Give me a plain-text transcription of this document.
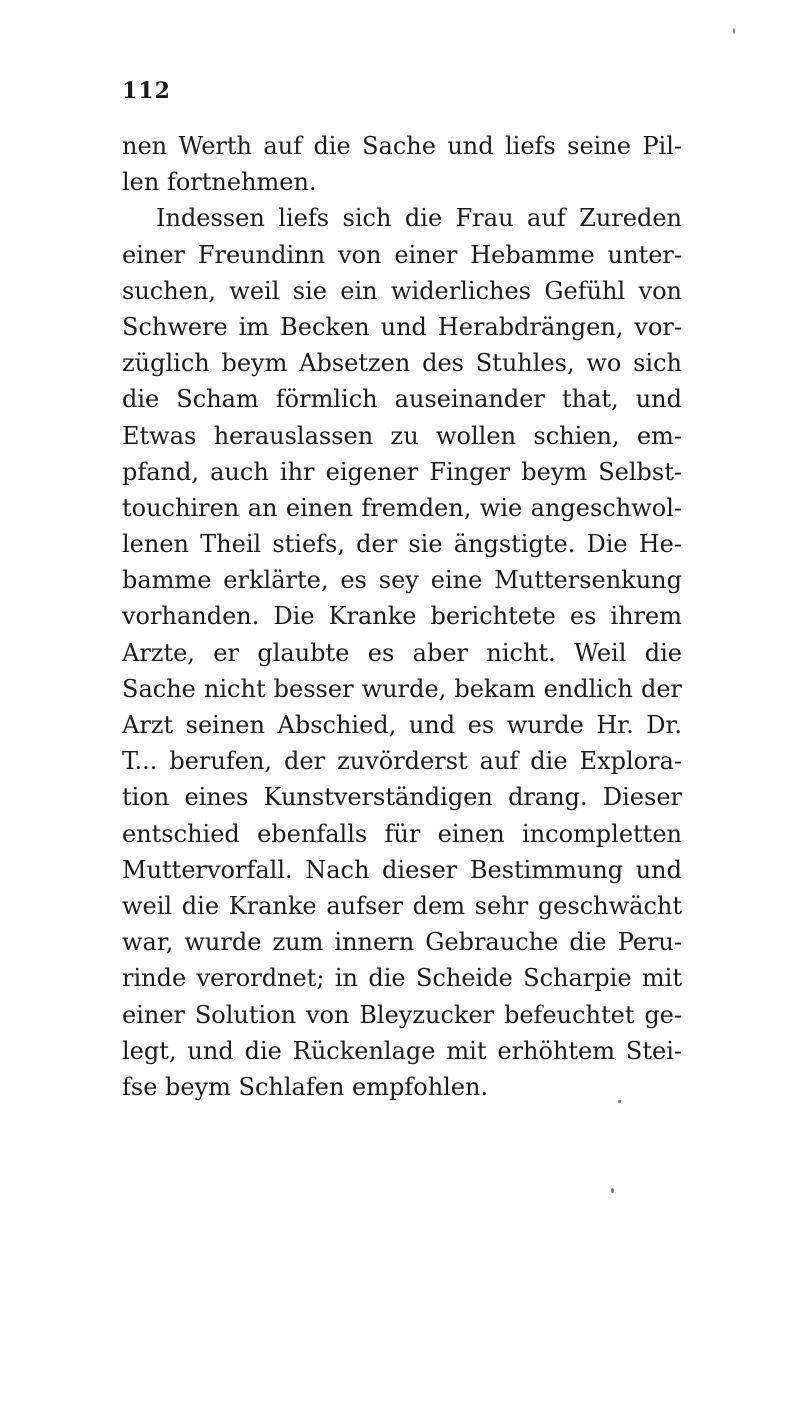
112
nen Werth auf die Sache und liefs seine Pil-
len fortnehmen.
Indessen liefs sich die Frau auf Zureden
einer Freundinn von einer Hebamme unter-
suchen, weil sie ein widerliches Gefühl von
Schwere im Becken und Herabdrängen, vor-
züglich beym Absetzen des Stuhles, wo sich
die Scham förmlich auseinander that, und
Etwas herauslassen zu wollen schien, em-
pfand, auch ihr eigener Finger beym Selbst-
touchiren an einen fremden, wie angeschwol-
lenen Theil stiefs, der sie ängstigte. Die He-
bamme erklärte, es sey eine Muttersenkung
vorhanden. Die Kranke berichtete es ihrem
Arzte, er glaubte es aber nicht. Weil die
Sache nicht besser wurde, bekam endlich der
Arzt seinen Abschied, und es wurde Hr. Dr.
T... berufen, der zuvörderst auf die Explora-
tion eines Kunstverständigen drang. Dieser
entschied ebenfalls für einen incompletten
Muttervorfall. Nach dieser Bestimmung und
weil die Kranke aufser dem sehr geschwächt
war, wurde zum innern Gebrauche die Peru-
rinde verordnet; in die Scheide Scharpie mit
einer Solution von Bleyzucker befeuchtet ge-
legt, und die Rückenlage mit erhöhtem Stei-
fse beym Schlafen empfohlen.
